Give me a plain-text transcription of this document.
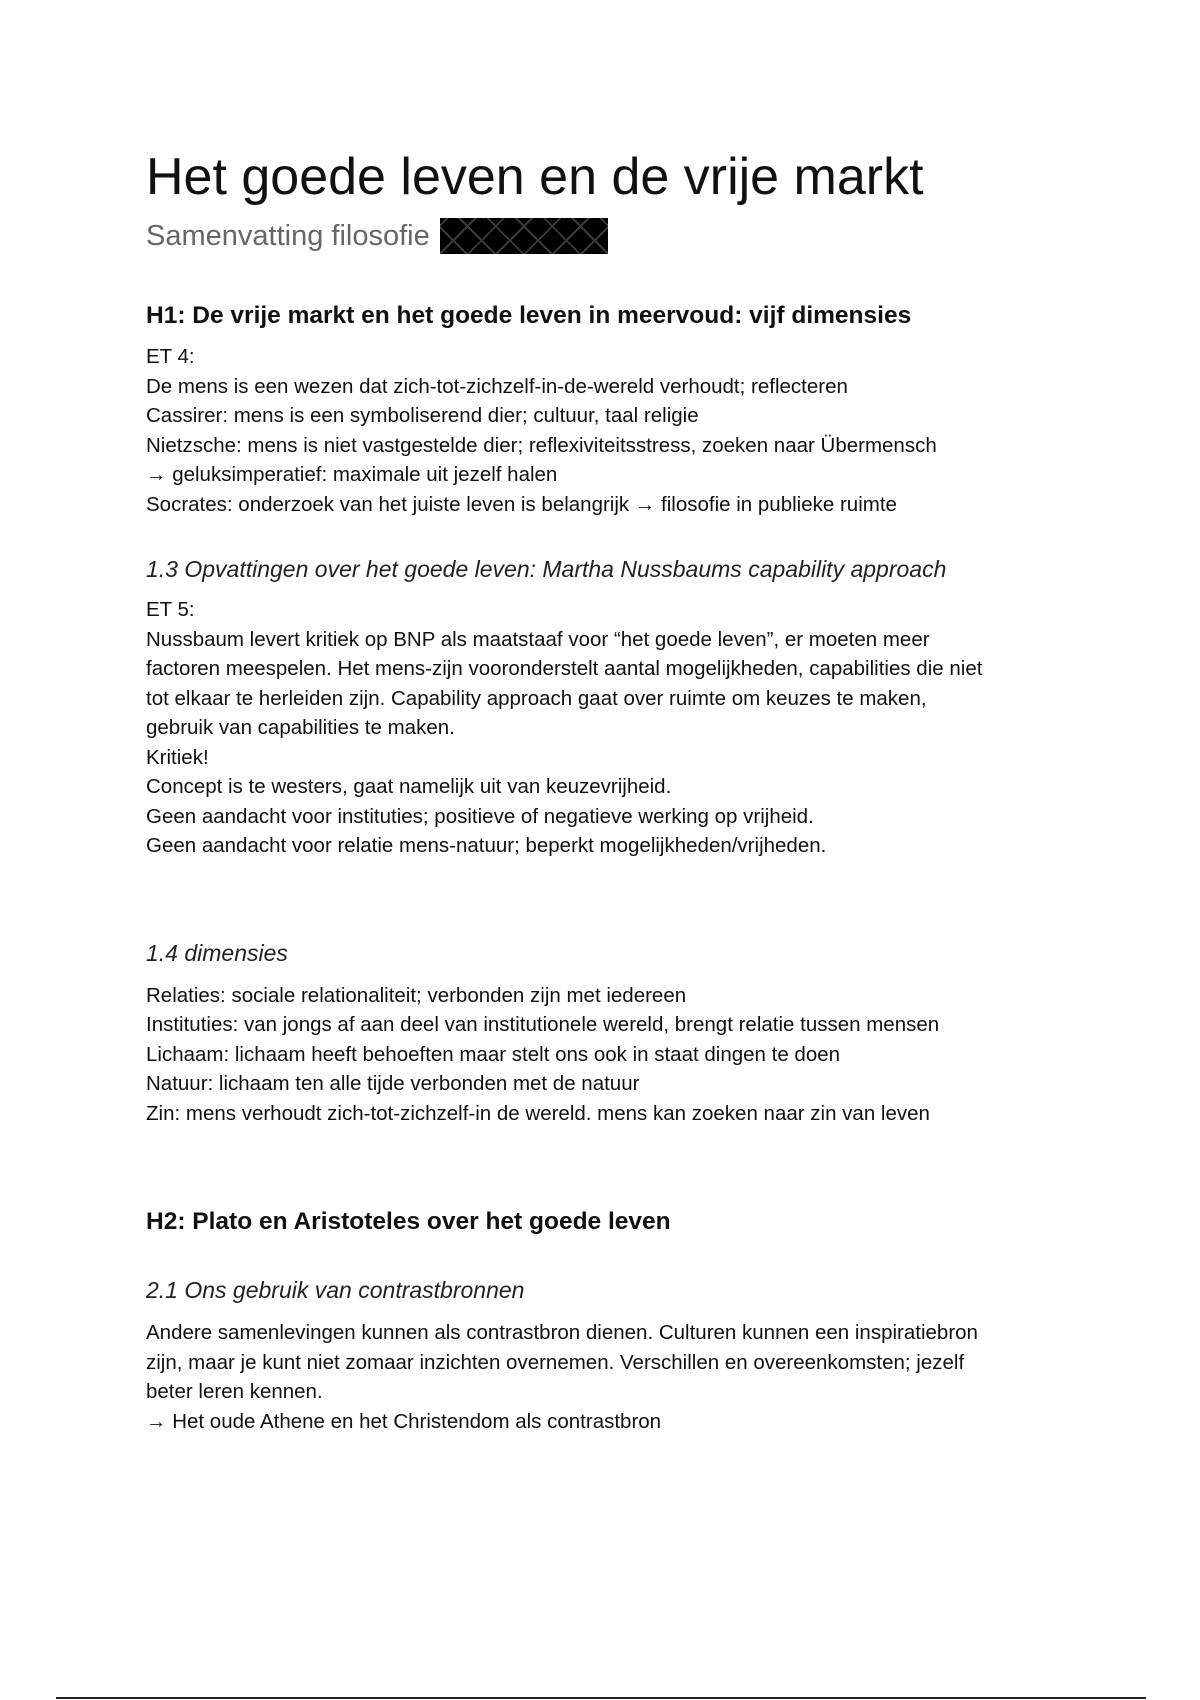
Het goede leven en de vrije markt
Samenvatting filosofie
H1: De vrije markt en het goede leven in meervoud: vijf dimensies
ET 4:
De mens is een wezen dat zich-tot-zichzelf-in-de-wereld verhoudt; reflecteren
Cassirer: mens is een symboliserend dier; cultuur, taal religie
Nietzsche: mens is niet vastgestelde dier; reflexiviteitsstress, zoeken naar Übermensch
→ geluksimperatief: maximale uit jezelf halen
Socrates: onderzoek van het juiste leven is belangrijk → filosofie in publieke ruimte
1.3 Opvattingen over het goede leven: Martha Nussbaums capability approach
ET 5:
Nussbaum levert kritiek op BNP als maatstaaf voor “het goede leven”, er moeten meer
factoren meespelen. Het mens-zijn vooronderstelt aantal mogelijkheden, capabilities die niet
tot elkaar te herleiden zijn. Capability approach gaat over ruimte om keuzes te maken,
gebruik van capabilities te maken.
Kritiek!
Concept is te westers, gaat namelijk uit van keuzevrijheid.
Geen aandacht voor instituties; positieve of negatieve werking op vrijheid.
Geen aandacht voor relatie mens-natuur; beperkt mogelijkheden/vrijheden.
1.4 dimensies
Relaties: sociale relationaliteit; verbonden zijn met iedereen
Instituties: van jongs af aan deel van institutionele wereld, brengt relatie tussen mensen
Lichaam: lichaam heeft behoeften maar stelt ons ook in staat dingen te doen
Natuur: lichaam ten alle tijde verbonden met de natuur
Zin: mens verhoudt zich-tot-zichzelf-in de wereld. mens kan zoeken naar zin van leven
H2: Plato en Aristoteles over het goede leven
2.1 Ons gebruik van contrastbronnen
Andere samenlevingen kunnen als contrastbron dienen. Culturen kunnen een inspiratiebron
zijn, maar je kunt niet zomaar inzichten overnemen. Verschillen en overeenkomsten; jezelf
beter leren kennen.
→ Het oude Athene en het Christendom als contrastbron
